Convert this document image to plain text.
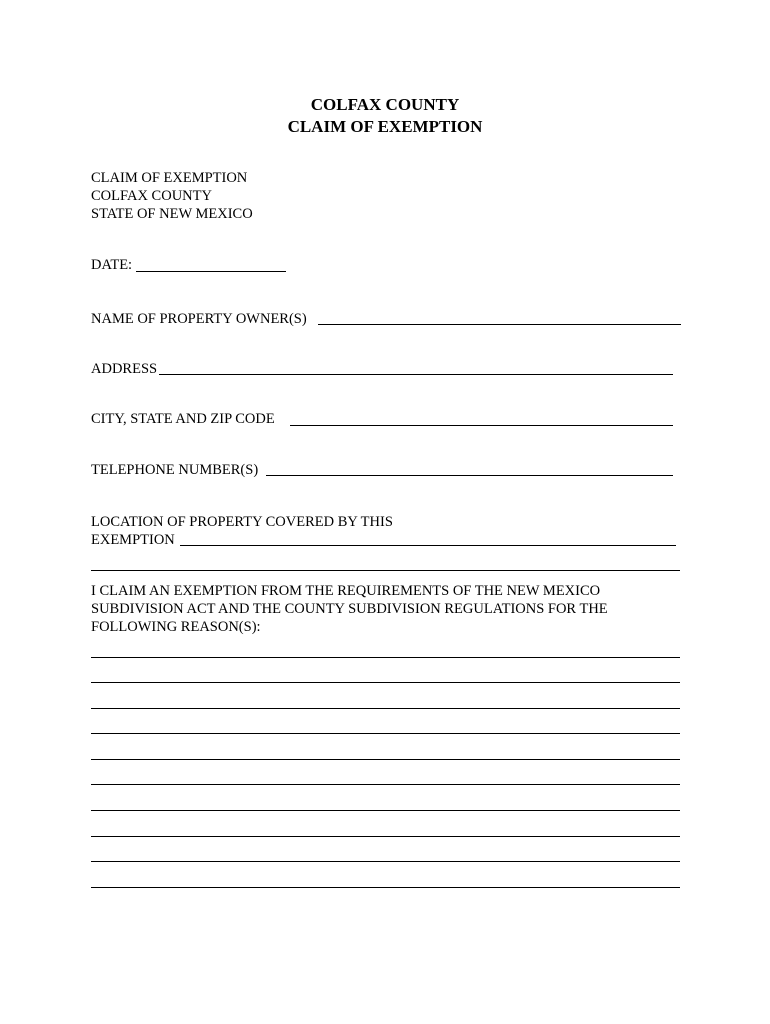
COLFAX COUNTY
CLAIM OF EXEMPTION
CLAIM OF EXEMPTION
COLFAX COUNTY
STATE OF NEW MEXICO
DATE:
NAME OF PROPERTY OWNER(S)
ADDRESS
CITY, STATE AND ZIP CODE
TELEPHONE NUMBER(S)
LOCATION OF PROPERTY COVERED BY THIS
EXEMPTION
I CLAIM AN EXEMPTION FROM THE REQUIREMENTS OF THE NEW MEXICO SUBDIVISION ACT AND THE COUNTY SUBDIVISION REGULATIONS FOR THE FOLLOWING REASON(S):
